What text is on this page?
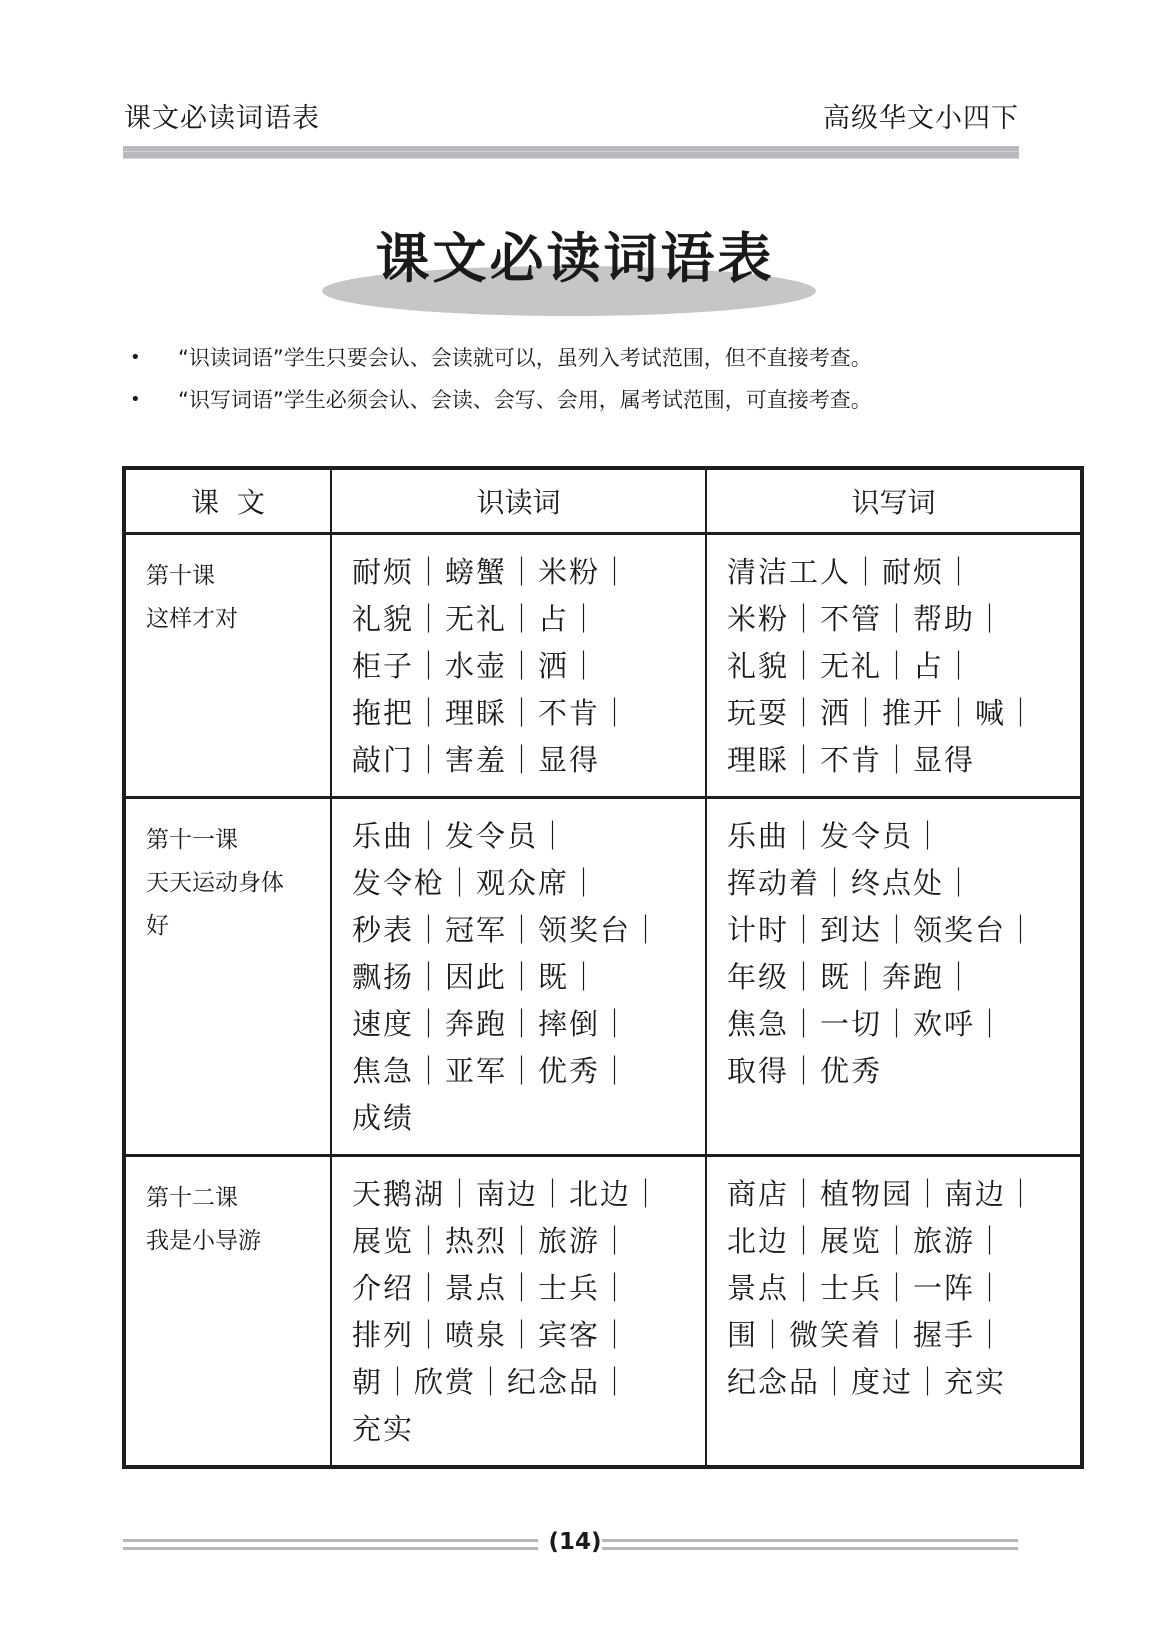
课文必读词语表	高级华文小四下
课文必读词语表
• “识读词语”学生只要会认、会读就可以，虽列入考试范围，但不直接考查。
• “识写词语”学生必须会认、会读、会写、会用，属考试范围，可直接考查。
课  文	识读词	识写词

第十课
这样才对

耐烦｜螃蟹｜米粉｜
礼貌｜无礼｜占｜
柜子｜水壶｜洒｜
拖把｜理睬｜不肯｜
敲门｜害羞｜显得

清洁工人｜耐烦｜
米粉｜不管｜帮助｜
礼貌｜无礼｜占｜
玩耍｜洒｜推开｜喊｜
理睬｜不肯｜显得

第十一课
天天运动身体
好

乐曲｜发令员｜
发令枪｜观众席｜
秒表｜冠军｜领奖台｜
飘扬｜因此｜既｜
速度｜奔跑｜摔倒｜
焦急｜亚军｜优秀｜
成绩

乐曲｜发令员｜
挥动着｜终点处｜
计时｜到达｜领奖台｜
年级｜既｜奔跑｜
焦急｜一切｜欢呼｜
取得｜优秀

第十二课
我是小导游

天鹅湖｜南边｜北边｜
展览｜热烈｜旅游｜
介绍｜景点｜士兵｜
排列｜喷泉｜宾客｜
朝｜欣赏｜纪念品｜
充实

商店｜植物园｜南边｜
北边｜展览｜旅游｜
景点｜士兵｜一阵｜
围｜微笑着｜握手｜
纪念品｜度过｜充实
(14)
